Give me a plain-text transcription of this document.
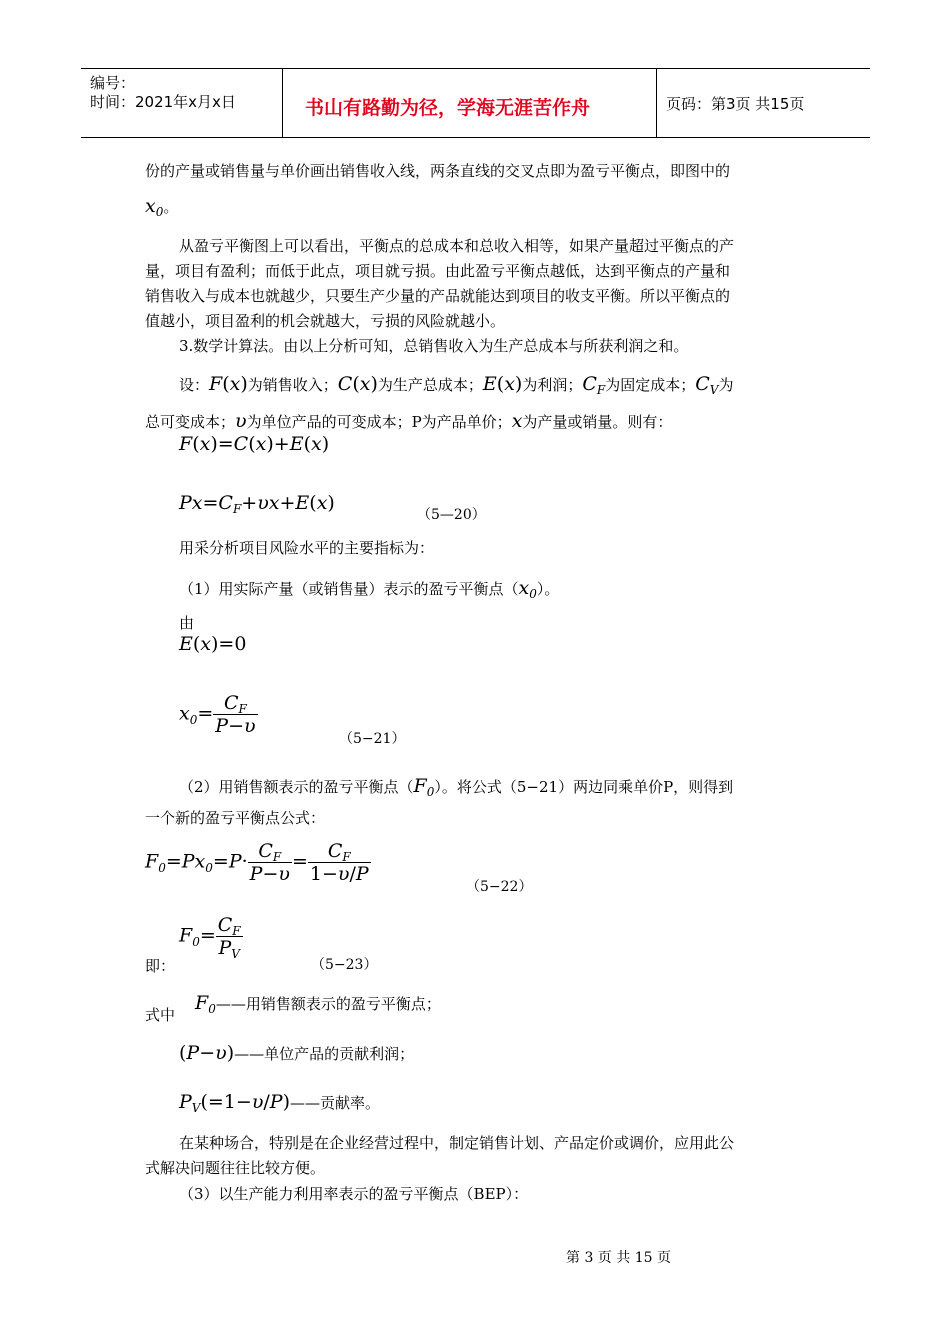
编号：
时间：2021年x月x日	书山有路勤为径，学海无涯苦作舟	页码：第3页 共15页
份的产量或销售量与单价画出销售收入线，两条直线的交叉点即为盈亏平衡点，即图中的
$x_0$。
从盈亏平衡图上可以看出，平衡点的总成本和总收入相等，如果产量超过平衡点的产
量，项目有盈利；而低于此点，项目就亏损。由此盈亏平衡点越低，达到平衡点的产量和
销售收入与成本也就越少，只要生产少量的产品就能达到项目的收支平衡。所以平衡点的
值越小，项目盈利的机会就越大，亏损的风险就越小。
3.数学计算法。由以上分析可知，总销售收入为生产总成本与所获利润之和。
设：F(x)为销售收入；C(x)为生产总成本；E(x)为利润；$C_F$为固定成本；$C_V$为
总可变成本；υ为单位产品的可变成本；P为产品单价；x为产量或销量。则有：
F(x)=C(x)+E(x)
$Px=C_F+\upsilon x+E(x)$
（5—20）
用采分析项目风险水平的主要指标为：
（1）用实际产量（或销售量）表示的盈亏平衡点$(x_0)$。
由
E(x)=0
$x_0= \frac{C_F}{P-\upsilon}$
（5−21）
（2）用销售额表示的盈亏平衡点$(F_0)$。将公式（5−21）两边同乘单价P，则得到
一个新的盈亏平衡点公式：
$F_0=Px_0=P\cdot \frac{C_F}{P-\upsilon} = \frac{C_F}{1-\upsilon/P}$
（5−22）
$F_0= \frac{C_F}{P_V}$
即：	（5−23）
式中
$F_0——$用销售额表示的盈亏平衡点；
(P−υ)——单位产品的贡献利润；
$P_V(=1-\upsilon/P)——$贡献率。
在某种场合，特别是在企业经营过程中，制定销售计划、产品定价或调价，应用此公
式解决问题往往比较方便。
（3）以生产能力利用率表示的盈亏平衡点（BEP）：
第 3 页 共 15 页
